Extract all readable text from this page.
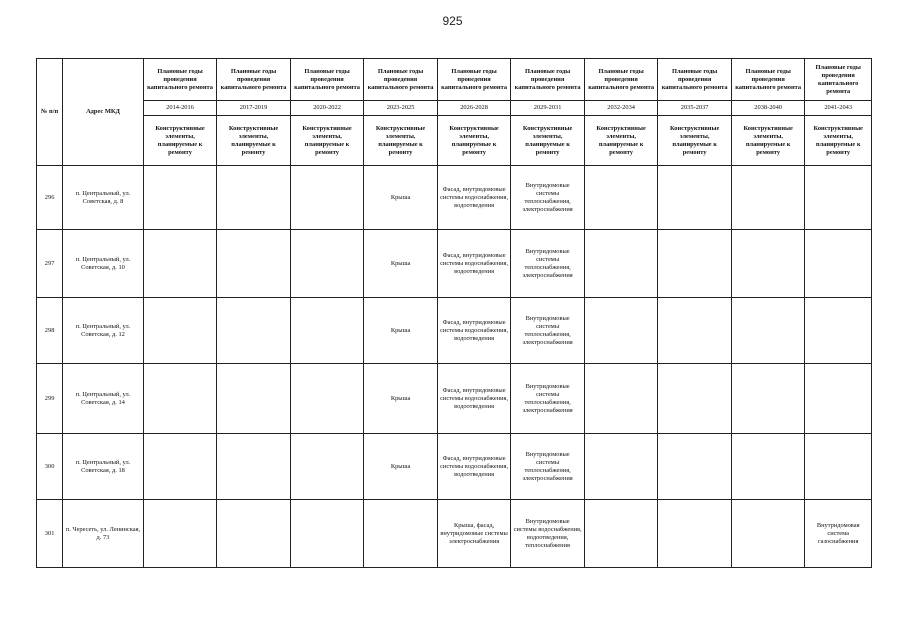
925
№ п/п	Адрес МКД	Плановые годы проведения капитального ремонта	Плановые годы проведения капитального ремонта	Плановые годы проведения капитального ремонта	Плановые годы проведения капитального ремонта	Плановые годы проведения капитального ремонта	Плановые годы проведения капитального ремонта	Плановые годы проведения капитального ремонта	Плановые годы проведения капитального ремонта	Плановые годы проведения капитального ремонта	Плановые годы проведения капитального ремонта
		2014-2016	2017-2019	2020-2022	2023-2025	2026-2028	2029-2031	2032-2034	2035-2037	2038-2040	2041-2043
		Конструктивные элементы, планируемые к ремонту	Конструктивные элементы, планируемые к ремонту	Конструктивные элементы, планируемые к ремонту	Конструктивные элементы, планируемые к ремонту	Конструктивные элементы, планируемые к ремонту	Конструктивные элементы, планируемые к ремонту	Конструктивные элементы, планируемые к ремонту	Конструктивные элементы, планируемые к ремонту	Конструктивные элементы, планируемые к ремонту	Конструктивные элементы, планируемые к ремонту
296	п. Центральный, ул. Советская, д. 8				Крыша	Фасад, внутридомовые системы водоснабжения, водоотведения	Внутридомовые системы теплоснабжения, электроснабжения				
297	п. Центральный, ул. Советская, д. 10				Крыша	Фасад, внутридомовые системы водоснабжения, водоотведения	Внутридомовые системы теплоснабжения, электроснабжения				
298	п. Центральный, ул. Советская, д. 12				Крыша	Фасад, внутридомовые системы водоснабжения, водоотведения	Внутридомовые системы теплоснабжения, электроснабжения				
299	п. Центральный, ул. Советская, д. 14				Крыша	Фасад, внутридомовые системы водоснабжения, водоотведения	Внутридомовые системы теплоснабжения, электроснабжения				
300	п. Центральный, ул. Советская, д. 18				Крыша	Фасад, внутридомовые системы водоснабжения, водоотведения	Внутридомовые системы теплоснабжения, электроснабжения				
301	п. Чересеть, ул. Ленинская, д. 73					Крыша, фасад, внутридомовые системы электроснабжения	Внутридомовые системы водоснабжения, водоотведения, теплоснабжения				Внутридомовая система газоснабжения
